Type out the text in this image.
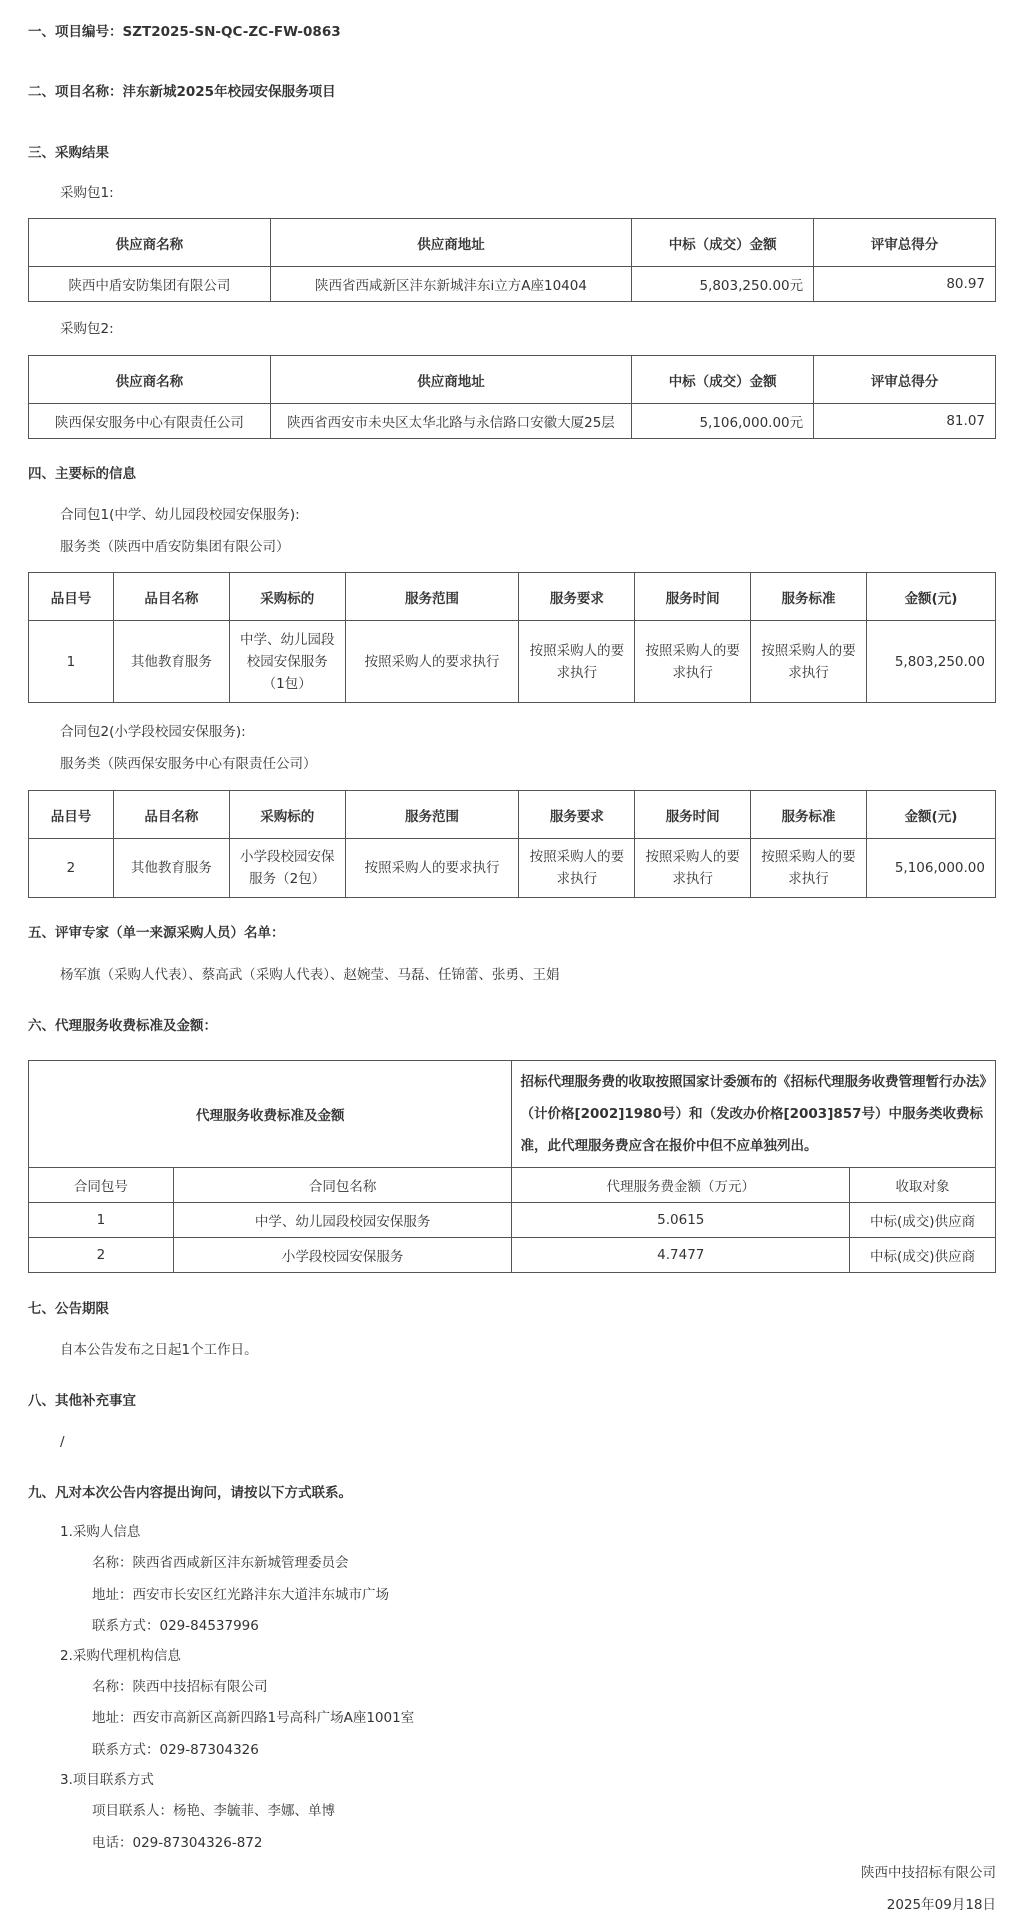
一、项目编号：SZT2025-SN-QC-ZC-FW-0863
二、项目名称：沣东新城2025年校园安保服务项目
三、采购结果
采购包1:
供应商名称	供应商地址	中标（成交）金额	评审总得分
陕西中盾安防集团有限公司	陕西省西咸新区沣东新城沣东i立方A座10404	5,803,250.00元	80.97
采购包2:
供应商名称	供应商地址	中标（成交）金额	评审总得分
陕西保安服务中心有限责任公司	陕西省西安市未央区太华北路与永信路口安徽大厦25层	5,106,000.00元	81.07
四、主要标的信息
合同包1(中学、幼儿园段校园安保服务):
服务类（陕西中盾安防集团有限公司）
品目号	品目名称	采购标的	服务范围	服务要求	服务时间	服务标准	金额(元)
1	其他教育服务	中学、幼儿园段校园安保服务（1包）	按照采购人的要求执行	按照采购人的要求执行	按照采购人的要求执行	按照采购人的要求执行	5,803,250.00
合同包2(小学段校园安保服务):
服务类（陕西保安服务中心有限责任公司）
品目号	品目名称	采购标的	服务范围	服务要求	服务时间	服务标准	金额(元)
2	其他教育服务	小学段校园安保服务（2包）	按照采购人的要求执行	按照采购人的要求执行	按照采购人的要求执行	按照采购人的要求执行	5,106,000.00
五、评审专家（单一来源采购人员）名单：
杨军旗（采购人代表）、蔡高武（采购人代表）、赵婉莹、马磊、任锦蕾、张勇、王娟
六、代理服务收费标准及金额：
代理服务收费标准及金额		招标代理服务费的收取按照国家计委颁布的《招标代理服务收费管理暂行办法》（计价格[2002]1980号）和（发改办价格[2003]857号）中服务类收费标准，此代理服务费应含在报价中但不应单独列出。	
合同包号	合同包名称	代理服务费金额（万元）	收取对象
1	中学、幼儿园段校园安保服务	5.0615	中标(成交)供应商
2	小学段校园安保服务	4.7477	中标(成交)供应商
七、公告期限
自本公告发布之日起1个工作日。
八、其他补充事宜
/
九、凡对本次公告内容提出询问，请按以下方式联系。
1.采购人信息
名称：陕西省西咸新区沣东新城管理委员会
地址：西安市长安区红光路沣东大道沣东城市广场
联系方式：029-84537996
2.采购代理机构信息
名称：陕西中技招标有限公司
地址：西安市高新区高新四路1号高科广场A座1001室
联系方式：029-87304326
3.项目联系方式
项目联系人：杨艳、李毓菲、李娜、单博
电话：029-87304326-872
陕西中技招标有限公司
2025年09月18日
